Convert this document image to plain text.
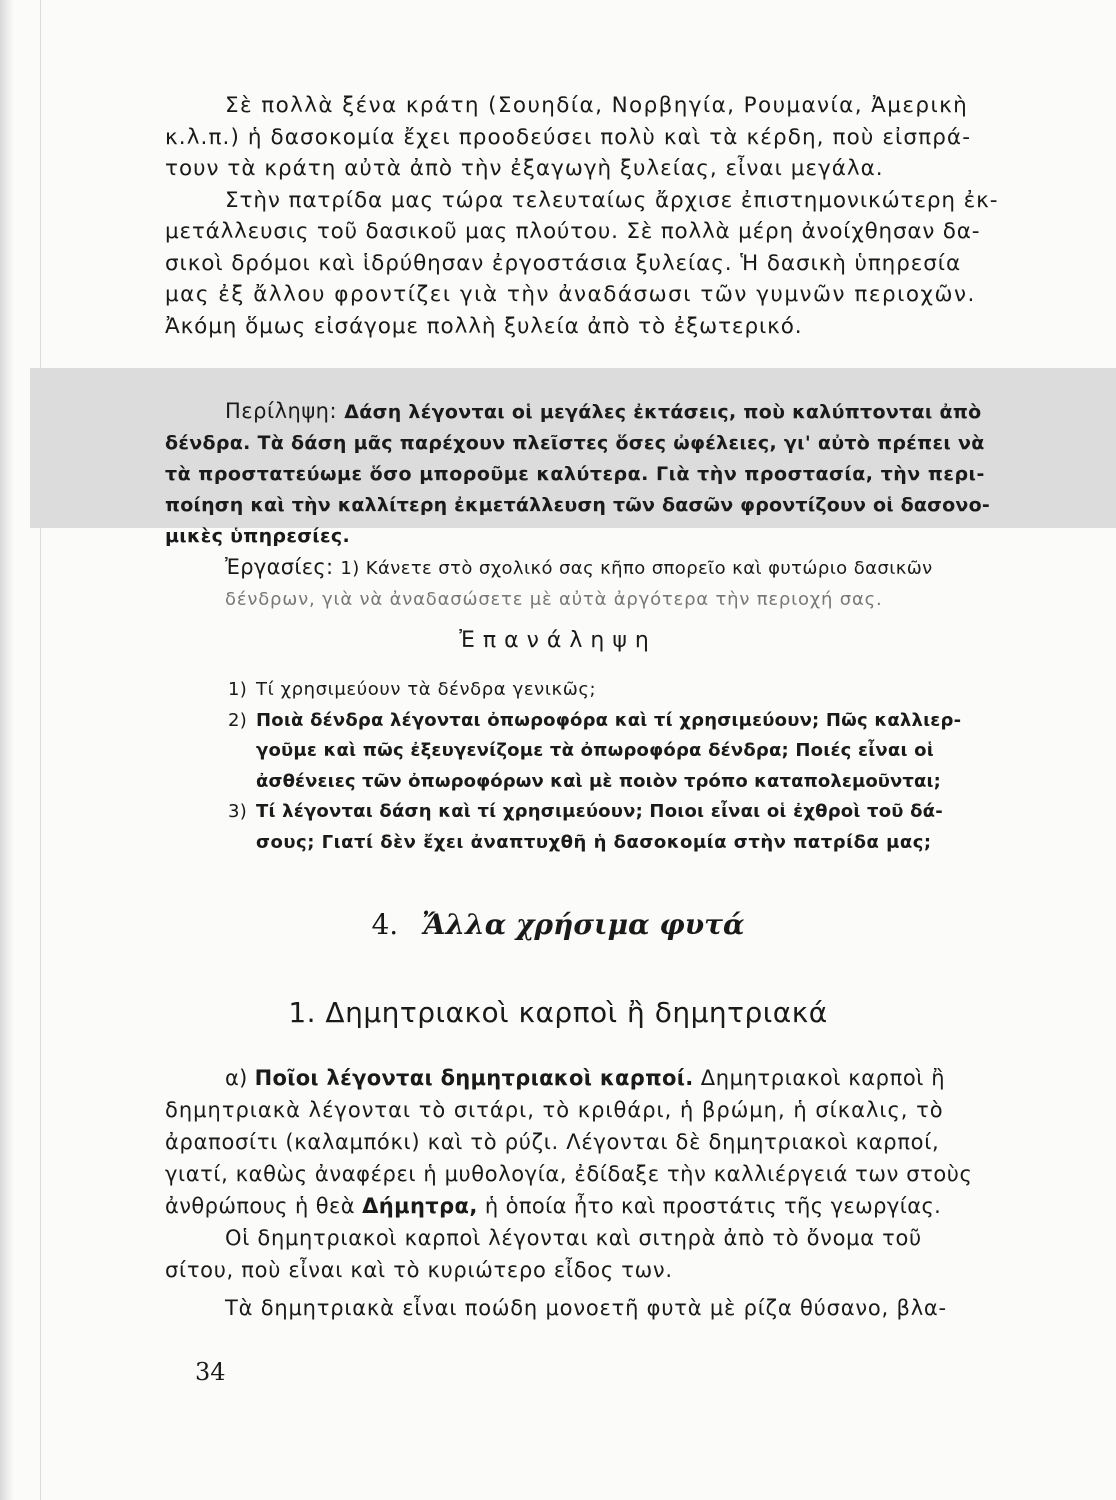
Σὲ πολλὰ ξένα κράτη (Σουηδία, Νορβηγία, Ρουμανία, Ἀμερικὴ
κ.λ.π.) ἡ δασοκομία ἔχει προοδεύσει πολὺ καὶ τὰ κέρδη, ποὺ εἰσπρά-
τουν τὰ κράτη αὐτὰ ἀπὸ τὴν ἐξαγωγὴ ξυλείας, εἶναι μεγάλα.
Στὴν πατρίδα μας τώρα τελευταίως ἄρχισε ἐπιστημονικώτερη ἐκ-
μετάλλευσις τοῦ δασικοῦ μας πλούτου. Σὲ πολλὰ μέρη ἀνοίχθησαν δα-
σικοὶ δρόμοι καὶ ἱδρύθησαν ἐργοστάσια ξυλείας. Ἡ δασικὴ ὑπηρεσία
μας ἐξ ἄλλου φροντίζει γιὰ τὴν ἀναδάσωσι τῶν γυμνῶν περιοχῶν.
Ἀκόμη ὅμως εἰσάγομε πολλὴ ξυλεία ἀπὸ τὸ ἐξωτερικό.
Περίληψη: Δάση λέγονται οἱ μεγάλες ἐκτάσεις, ποὺ καλύπτονται ἀπὸ
δένδρα. Τὰ δάση μᾶς παρέχουν πλεῖστες ὅσες ὠφέλειες, γι' αὐτὸ πρέπει νὰ
τὰ προστατεύωμε ὅσο μποροῦμε καλύτερα. Γιὰ τὴν προστασία, τὴν περι-
ποίηση καὶ τὴν καλλίτερη ἐκμετάλλευση τῶν δασῶν φροντίζουν οἱ δασονο-
μικὲς ὑπηρεσίες.
Ἐργασίες: 1) Κάνετε στὸ σχολικό σας κῆπο σπορεῖο καὶ φυτώριο δασικῶν
δένδρων, γιὰ νὰ ἀναδασώσετε μὲ αὐτὰ ἀργότερα τὴν περιοχή σας.
Ἐπανάληψη
1) Τί χρησιμεύουν τὰ δένδρα γενικῶς;
2) Ποιὰ δένδρα λέγονται ὀπωροφόρα καὶ τί χρησιμεύουν; Πῶς καλλιερ-
γοῦμε καὶ πῶς ἐξευγενίζομε τὰ ὀπωροφόρα δένδρα; Ποιές εἶναι οἱ
ἀσθένειες τῶν ὀπωροφόρων καὶ μὲ ποιὸν τρόπο καταπολεμοῦνται;
3) Τί λέγονται δάση καὶ τί χρησιμεύουν; Ποιοι εἶναι οἱ ἐχθροὶ τοῦ δά-
σους; Γιατί δὲν ἔχει ἀναπτυχθῆ ἡ δασοκομία στὴν πατρίδα μας;
4. Ἄλλα χρήσιμα φυτά
1. Δημητριακοὶ καρποὶ ἢ δημητριακά
α) Ποῖοι λέγονται δημητριακοὶ καρποί. Δημητριακοὶ καρποὶ ἢ
δημητριακὰ λέγονται τὸ σιτάρι, τὸ κριθάρι, ἡ βρώμη, ἡ σίκαλις, τὸ
ἀραποσίτι (καλαμπόκι) καὶ τὸ ρύζι. Λέγονται δὲ δημητριακοὶ καρποί,
γιατί, καθὼς ἀναφέρει ἡ μυθολογία, ἐδίδαξε τὴν καλλιέργειά των στοὺς
ἀνθρώπους ἡ θεὰ Δήμητρα, ἡ ὁποία ἦτο καὶ προστάτις τῆς γεωργίας.
Οἱ δημητριακοὶ καρποὶ λέγονται καὶ σιτηρὰ ἀπὸ τὸ ὄνομα τοῦ
σίτου, ποὺ εἶναι καὶ τὸ κυριώτερο εἶδος των.
Τὰ δημητριακὰ εἶναι ποώδη μονοετῆ φυτὰ μὲ ρίζα θύσανο, βλα-
34
